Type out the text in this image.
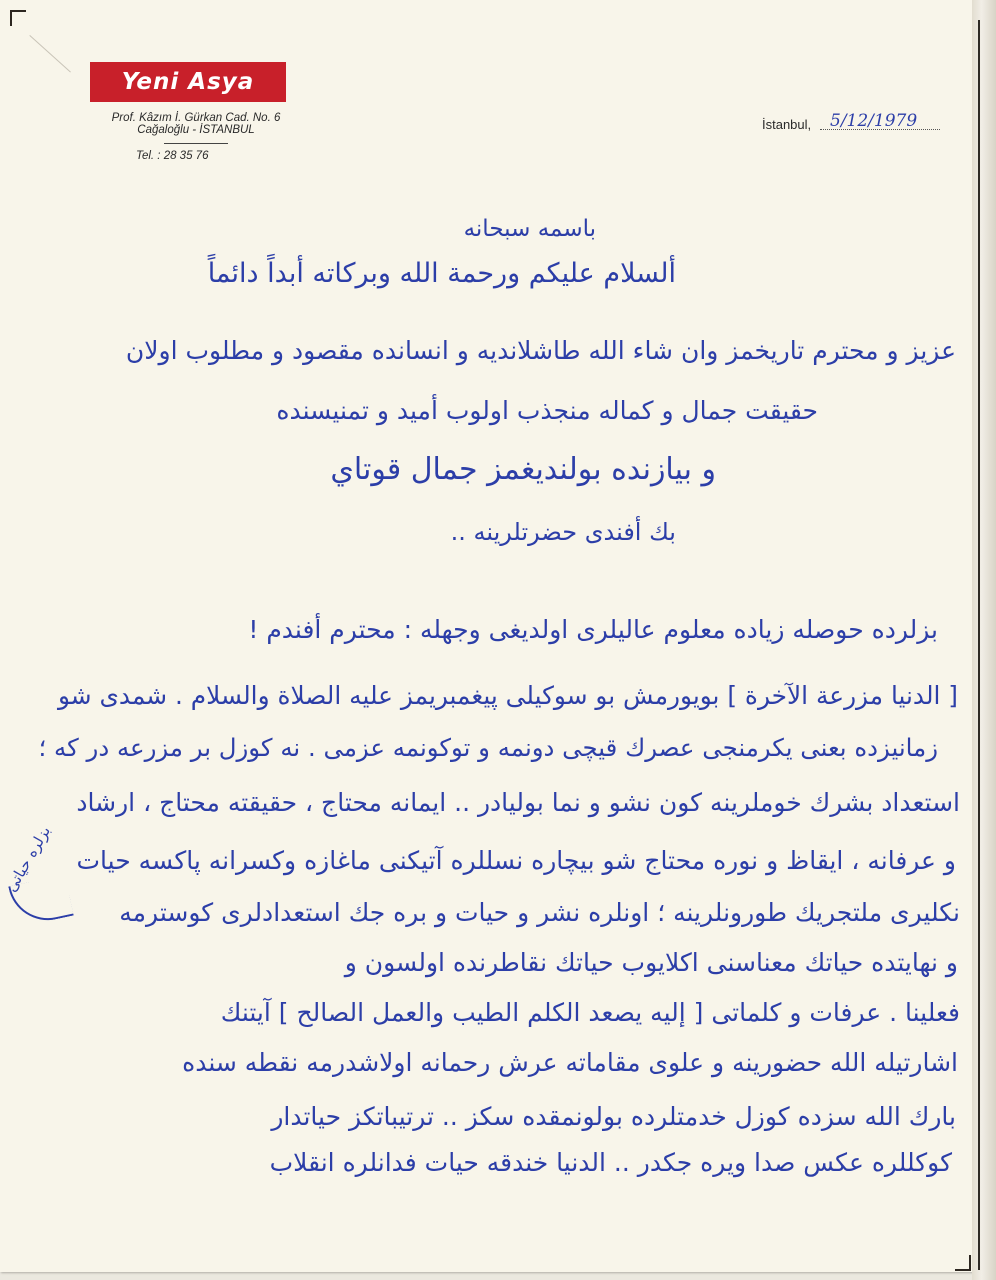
Yeni Asya
Prof. Kâzım İ. Gürkan Cad. No. 6
Cağaloğlu - İSTANBUL
Tel. : 28 35 76
İstanbul, 5/12/1979
باسمه سبحانه
ألسلام عليكم ورحمة الله وبركاته أبداً دائماً
عزيز و محترم تاريخمز وان شاء الله طاشلانديه و انسانده مقصود و مطلوب اولان
حقيقت جمال و كماله منجذب اولوب أميد و تمنيسنده
و بيازنده بولنديغمز جمال قوتاي
بك أفندى حضرتلرينه ..
بزلرده حوصله زياده معلوم عاليلرى اولديغى وجهله : محترم أفندم !
[ الدنيا مزرعة الآخرة ] بويورمش بو سوكيلى پيغمبريمز عليه الصلاة والسلام . شمدى شو
زمانيزده بعنى يكرمنجى عصرك قيچى دونمه و توكونمه عزمى . نه كوزل بر مزرعه در كه ؛
استعداد بشرك خوملرينه كون نشو و نما بوليادر .. ايمانه محتاج ، حقيقته محتاج ، ارشاد
و عرفانه ، ايقاظ و نوره محتاج شو بيچاره نسللره آتيكنى ماغازه وكسرانه پاكسه حيات
نكليرى ملتجريك طورونلرينه ؛ اونلره نشر و حيات و بره جك استعدادلرى كوسترمه
و نهايتده حياتك معناسنى اكلايوب حياتك نقاطرنده اولسون و
فعلينا . عرفات و كلماتى [ إليه يصعد الكلم الطيب والعمل الصالح ] آيتنك
اشارتيله الله حضورينه و علوى مقاماته عرش رحمانه اولاشدرمه نقطه سنده
بارك الله سزده كوزل خدمتلرده بولونمقده سكز .. ترتيباتكز حياتدار
كوكللره عكس صدا ويره جكدر .. الدنيا خندقه حيات فدانلره انقلاب
بزلره حياتى
